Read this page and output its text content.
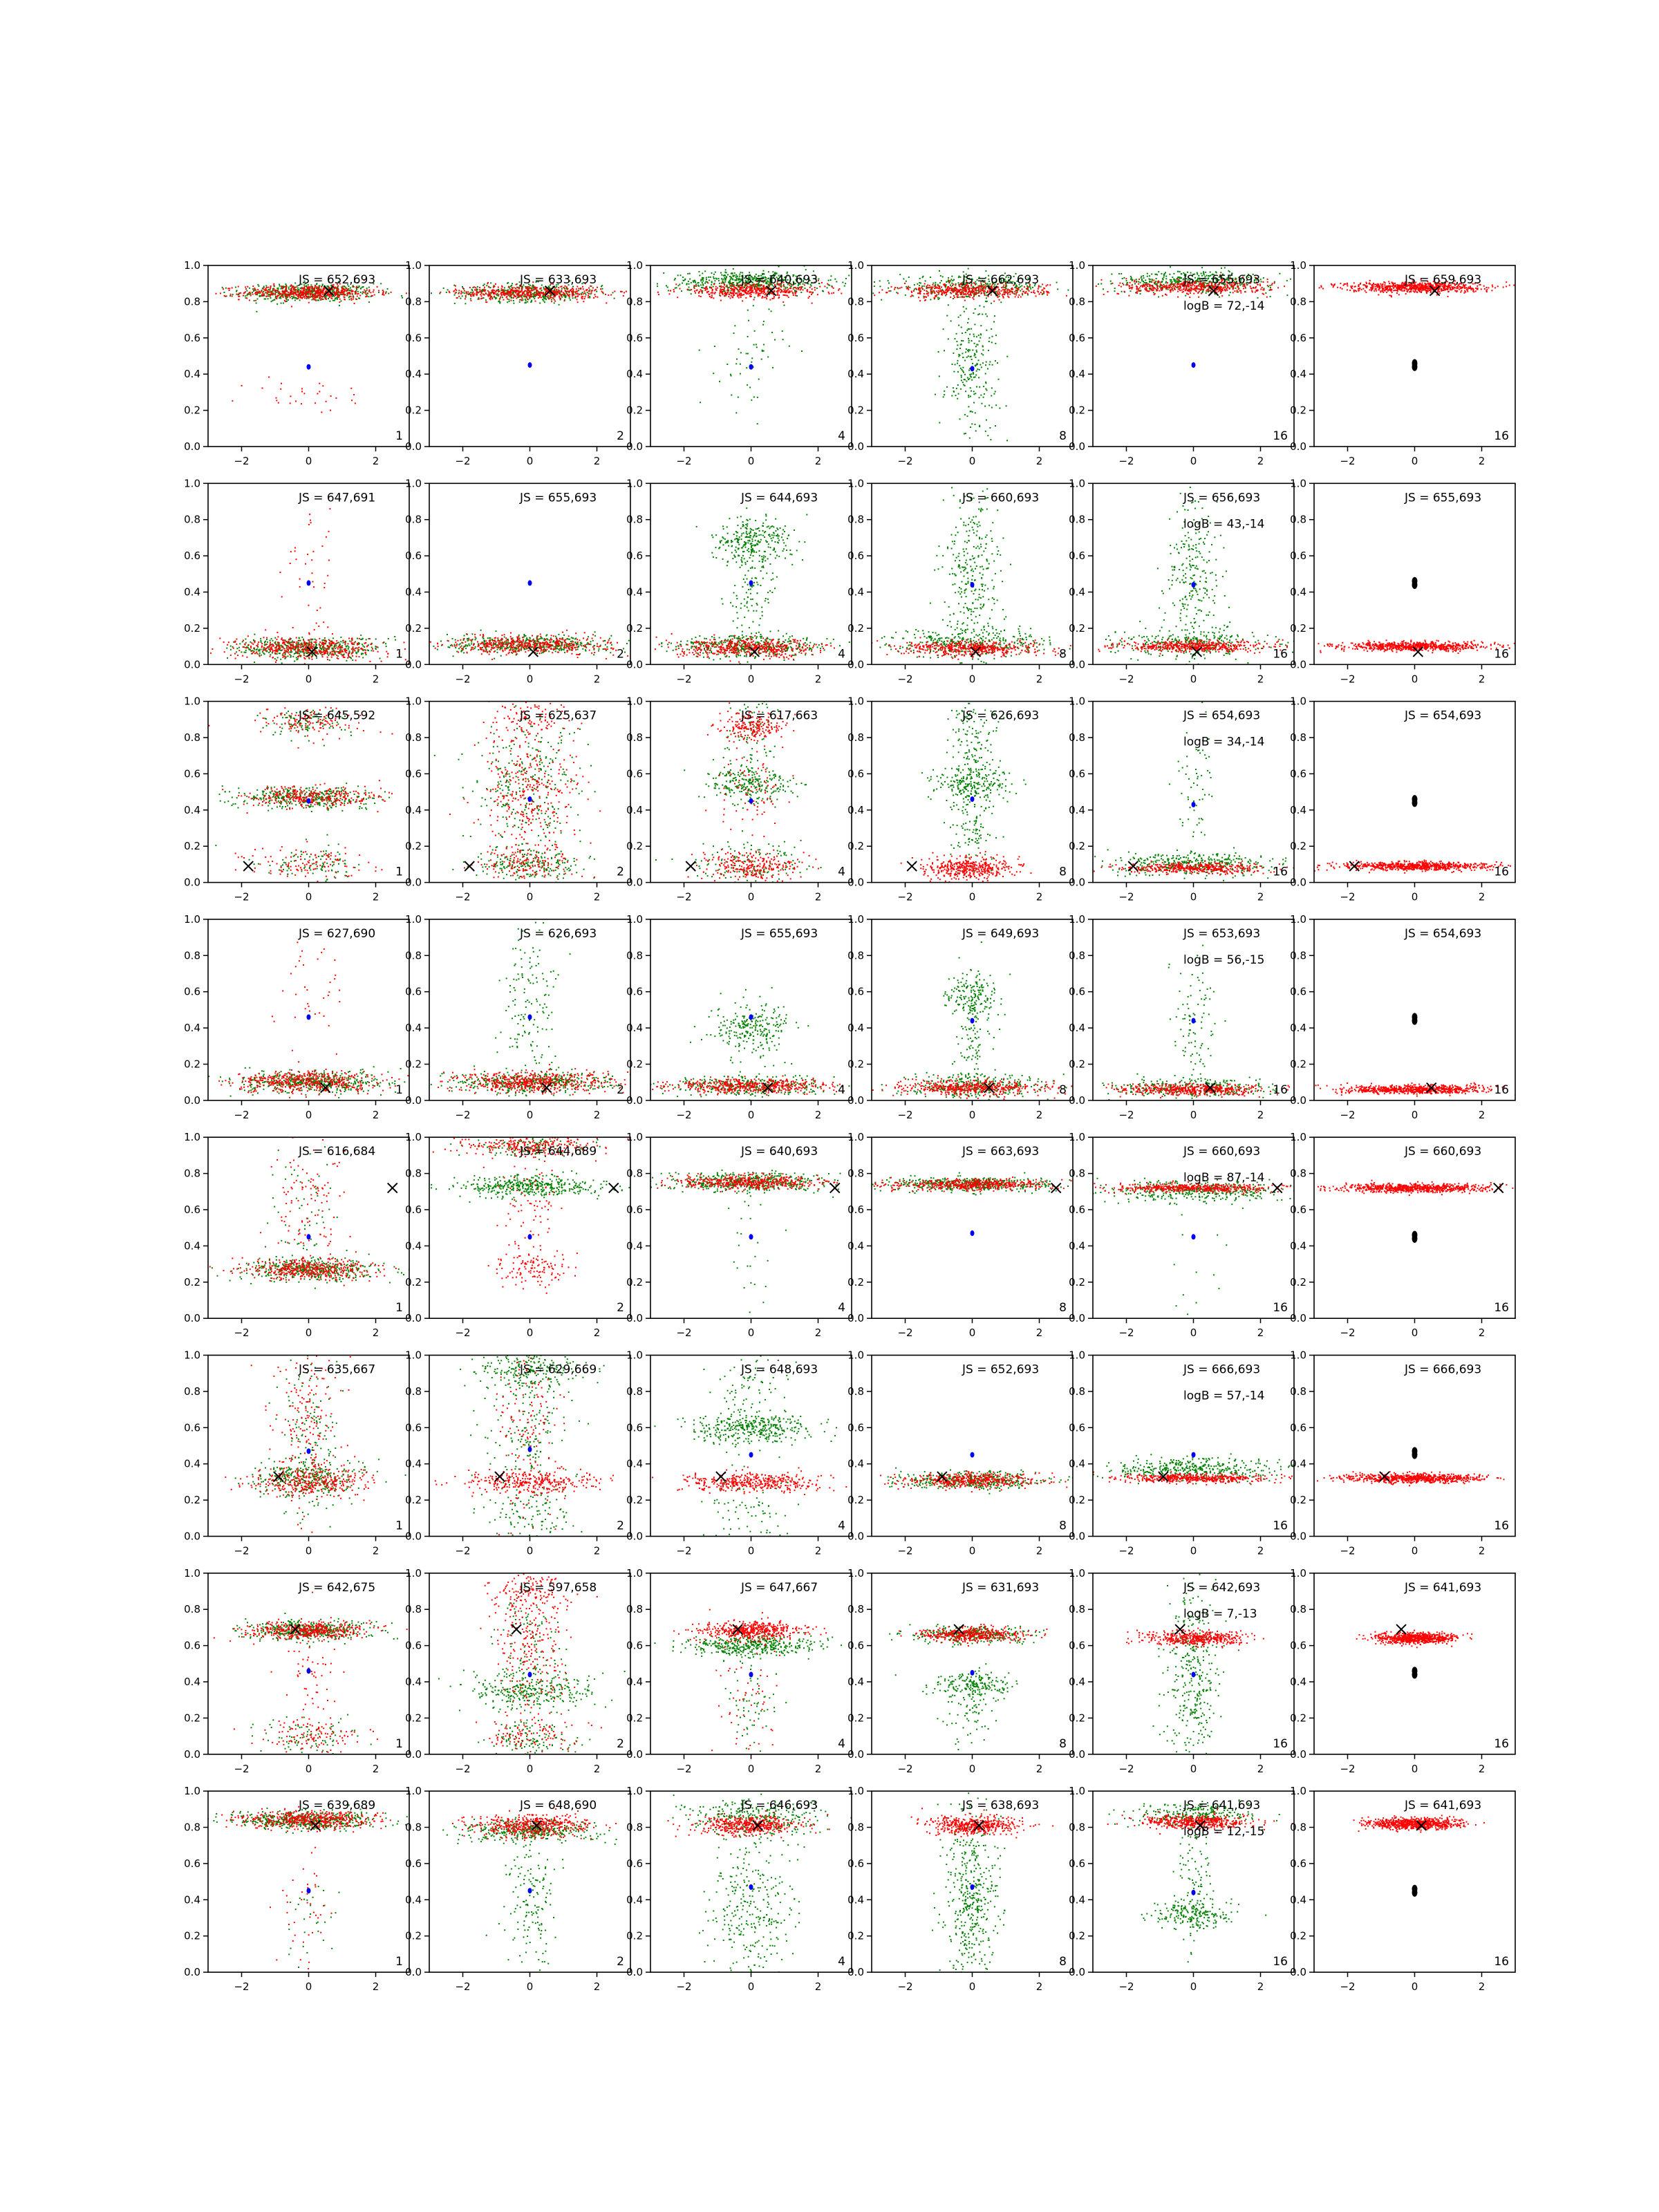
−2	0	2
0.0
0.2
0.4
0.6
0.8
1.0
JS = 652,693
1
−2	0	2
0.0
0.2
0.4
0.6
0.8
1.0
JS = 633,693
2
−2	0	2
0.0
0.2
0.4
0.6
0.8
1.0
JS = 640,693
4
−2	0	2
0.0
0.2
0.4
0.6
0.8
1.0
JS = 662,693
8
−2	0	2
0.0
0.2
0.4
0.6
0.8
1.0
JS = 655,693
logB = 72,-14
16
−2	0	2
0.0
0.2
0.4
0.6
0.8
1.0
JS = 659,693
16
−2	0	2
0.0
0.2
0.4
0.6
0.8
1.0
JS = 647,691
1
−2	0	2
0.0
0.2
0.4
0.6
0.8
1.0
JS = 655,693
2
−2	0	2
0.0
0.2
0.4
0.6
0.8
1.0
JS = 644,693
4
−2	0	2
0.0
0.2
0.4
0.6
0.8
1.0
JS = 660,693
8
−2	0	2
0.0
0.2
0.4
0.6
0.8
1.0
JS = 656,693
logB = 43,-14
16
−2	0	2
0.0
0.2
0.4
0.6
0.8
1.0
JS = 655,693
16
−2	0	2
0.0
0.2
0.4
0.6
0.8
1.0
JS = 645,592
1
−2	0	2
0.0
0.2
0.4
0.6
0.8
1.0
JS = 625,637
2
−2	0	2
0.0
0.2
0.4
0.6
0.8
1.0
JS = 617,663
4
−2	0	2
0.0
0.2
0.4
0.6
0.8
1.0
JS = 626,693
8
−2	0	2
0.0
0.2
0.4
0.6
0.8
1.0
JS = 654,693
logB = 34,-14
16
−2	0	2
0.0
0.2
0.4
0.6
0.8
1.0
JS = 654,693
16
−2	0	2
0.0
0.2
0.4
0.6
0.8
1.0
JS = 627,690
1
−2	0	2
0.0
0.2
0.4
0.6
0.8
1.0
JS = 626,693
2
−2	0	2
0.0
0.2
0.4
0.6
0.8
1.0
JS = 655,693
4
−2	0	2
0.0
0.2
0.4
0.6
0.8
1.0
JS = 649,693
8
−2	0	2
0.0
0.2
0.4
0.6
0.8
1.0
JS = 653,693
logB = 56,-15
16
−2	0	2
0.0
0.2
0.4
0.6
0.8
1.0
JS = 654,693
16
−2	0	2
0.0
0.2
0.4
0.6
0.8
1.0
JS = 616,684
1
−2	0	2
0.0
0.2
0.4
0.6
0.8
1.0
JS = 644,689
2
−2	0	2
0.0
0.2
0.4
0.6
0.8
1.0
JS = 640,693
4
−2	0	2
0.0
0.2
0.4
0.6
0.8
1.0
JS = 663,693
8
−2	0	2
0.0
0.2
0.4
0.6
0.8
1.0
JS = 660,693
logB = 87,-14
16
−2	0	2
0.0
0.2
0.4
0.6
0.8
1.0
JS = 660,693
16
−2	0	2
0.0
0.2
0.4
0.6
0.8
1.0
JS = 635,667
1
−2	0	2
0.0
0.2
0.4
0.6
0.8
1.0
JS = 629,669
2
−2	0	2
0.0
0.2
0.4
0.6
0.8
1.0
JS = 648,693
4
−2	0	2
0.0
0.2
0.4
0.6
0.8
1.0
JS = 652,693
8
−2	0	2
0.0
0.2
0.4
0.6
0.8
1.0
JS = 666,693
logB = 57,-14
16
−2	0	2
0.0
0.2
0.4
0.6
0.8
1.0
JS = 666,693
16
−2	0	2
0.0
0.2
0.4
0.6
0.8
1.0
JS = 642,675
1
−2	0	2
0.0
0.2
0.4
0.6
0.8
1.0
JS = 597,658
2
−2	0	2
0.0
0.2
0.4
0.6
0.8
1.0
JS = 647,667
4
−2	0	2
0.0
0.2
0.4
0.6
0.8
1.0
JS = 631,693
8
−2	0	2
0.0
0.2
0.4
0.6
0.8
1.0
JS = 642,693
logB = 7,-13
16
−2	0	2
0.0
0.2
0.4
0.6
0.8
1.0
JS = 641,693
16
−2	0	2
0.0
0.2
0.4
0.6
0.8
1.0
JS = 639,689
1
−2	0	2
0.0
0.2
0.4
0.6
0.8
1.0
JS = 648,690
2
−2	0	2
0.0
0.2
0.4
0.6
0.8
1.0
JS = 646,693
4
−2	0	2
0.0
0.2
0.4
0.6
0.8
1.0
JS = 638,693
8
−2	0	2
0.0
0.2
0.4
0.6
0.8
1.0
JS = 641,693
logB = 12,-15
16
−2	0	2
0.0
0.2
0.4
0.6
0.8
1.0
JS = 641,693
16
